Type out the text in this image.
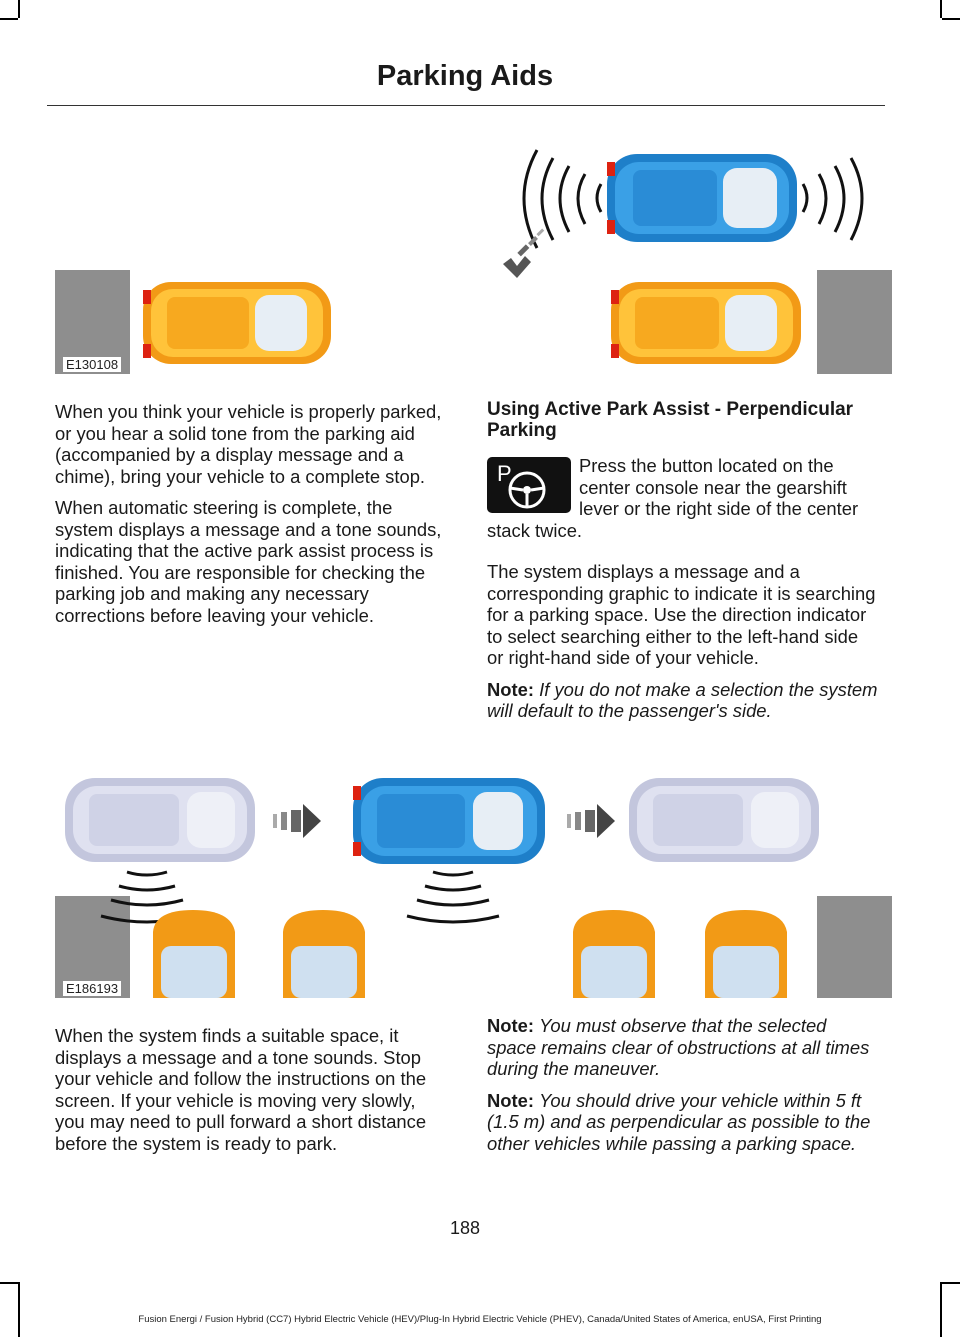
Parking Aids
E130108

When you think your vehicle is properly parked, or you hear a solid tone from the parking aid (accompanied by a display message and a chime), bring your vehicle to a complete stop.

When automatic steering is complete, the system displays a message and a tone sounds, indicating that the active park assist process is finished. You are responsible for checking the parking job and making any necessary corrections before leaving your vehicle.

Using Active Park Assist - Perpendicular Parking
P	Press the button located on the center console near the gearshift lever or the right side of the center stack twice.

The system displays a message and a corresponding graphic to indicate it is searching for a parking space. Use the direction indicator to select searching either to the left-hand side or right-hand side of your vehicle.

Note: If you do not make a selection the system will default to the passenger's side.

E186193

When the system finds a suitable space, it displays a message and a tone sounds. Stop your vehicle and follow the instructions on the screen. If your vehicle is moving very slowly, you may need to pull forward a short distance before the system is ready to park.

Note: You must observe that the selected space remains clear of obstructions at all times during the maneuver.

Note: You should drive your vehicle within 5 ft (1.5 m) and as perpendicular as possible to the other vehicles while passing a parking space.

188
Fusion Energi / Fusion Hybrid (CC7) Hybrid Electric Vehicle (HEV)/Plug-In Hybrid Electric Vehicle (PHEV), Canada/United States of America, enUSA, First Printing
